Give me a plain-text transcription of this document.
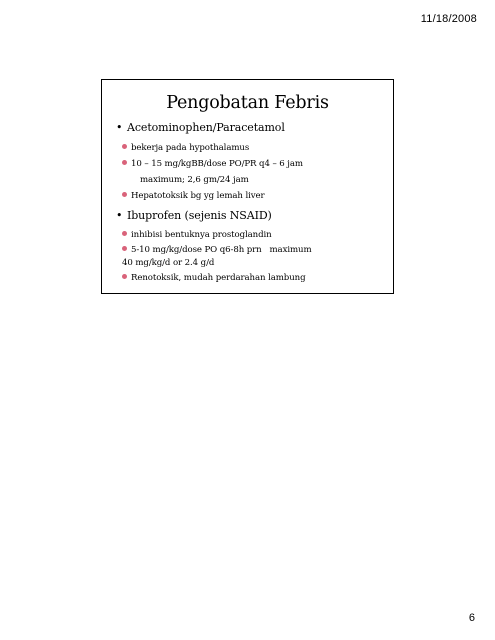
11/18/2008
Pengobatan Febris
• Acetominophen/Paracetamol
bekerja pada hypothalamus
10 – 15 mg/kgBB/dose PO/PR q4 – 6 jam
maximum; 2,6 gm/24 jam
Hepatotoksik bg yg lemah liver
• Ibuprofen (sejenis NSAID)
inhibisi bentuknya prostoglandin
5-10 mg/kg/dose PO q6-8h prn   maximum
40 mg/kg/d or 2.4 g/d
Renotoksik, mudah perdarahan lambung
6
